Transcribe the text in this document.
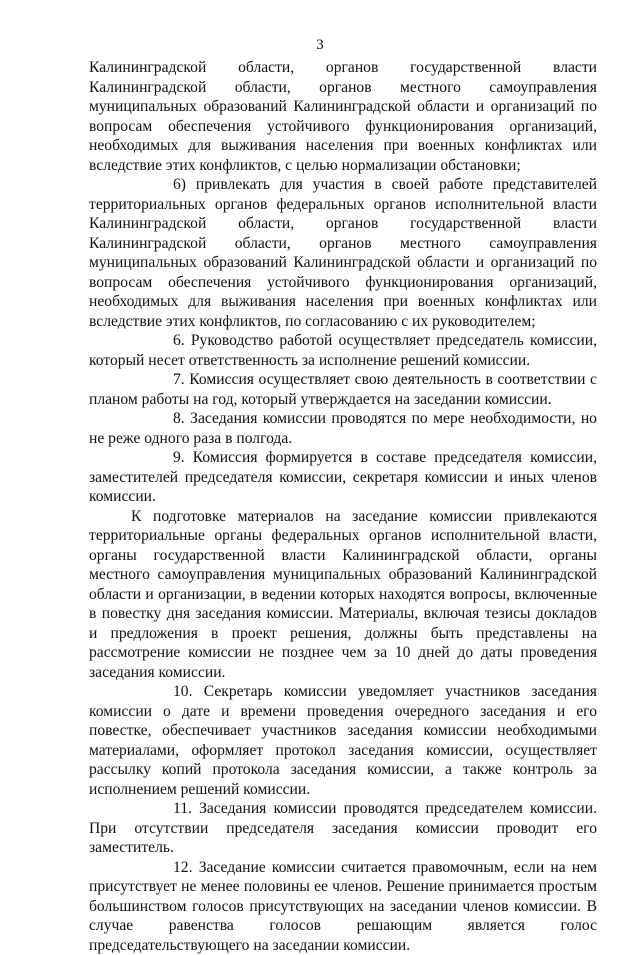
3

Калининградской области, органов государственной власти Калининградской области, органов местного самоуправления муниципальных образований Калининградской области и организаций по вопросам обеспечения устойчивого функционирования организаций, необходимых для выживания населения при военных конфликтах или вследствие этих конфликтов, с целью нормализации обстановки;

6) привлекать для участия в своей работе представителей территориальных органов федеральных органов исполнительной власти Калининградской области, органов государственной власти Калининградской области, органов местного самоуправления муниципальных образований Калининградской области и организаций по вопросам обеспечения устойчивого функционирования организаций, необходимых для выживания населения при военных конфликтах или вследствие этих конфликтов, по согласованию с их руководителем;

6. Руководство работой осуществляет председатель комиссии, который несет ответственность за исполнение решений комиссии.

7. Комиссия осуществляет свою деятельность в соответствии с планом работы на год, который утверждается на заседании комиссии.

8. Заседания комиссии проводятся по мере необходимости, но не реже одного раза в полгода.

9. Комиссия формируется в составе председателя комиссии, заместителей председателя комиссии, секретаря комиссии и иных членов комиссии.

К подготовке материалов на заседание комиссии привлекаются территориальные органы федеральных органов исполнительной власти, органы государственной власти Калининградской области, органы местного самоуправления муниципальных образований Калининградской области и организации, в ведении которых находятся вопросы, включенные в повестку дня заседания комиссии. Материалы, включая тезисы докладов и предложения в проект решения, должны быть представлены на рассмотрение комиссии не позднее чем за 10 дней до даты проведения заседания комиссии.

10. Секретарь комиссии уведомляет участников заседания комиссии о дате и времени проведения очередного заседания и его повестке, обеспечивает участников заседания комиссии необходимыми материалами, оформляет протокол заседания комиссии, осуществляет рассылку копий протокола заседания комиссии, а также контроль за исполнением решений комиссии.

11. Заседания комиссии проводятся председателем комиссии. При отсутствии председателя заседания комиссии проводит его заместитель.

12. Заседание комиссии считается правомочным, если на нем присутствует не менее половины ее членов. Решение принимается простым большинством голосов присутствующих на заседании членов комиссии. В случае равенства голосов решающим является голос председательствующего на заседании комиссии.
